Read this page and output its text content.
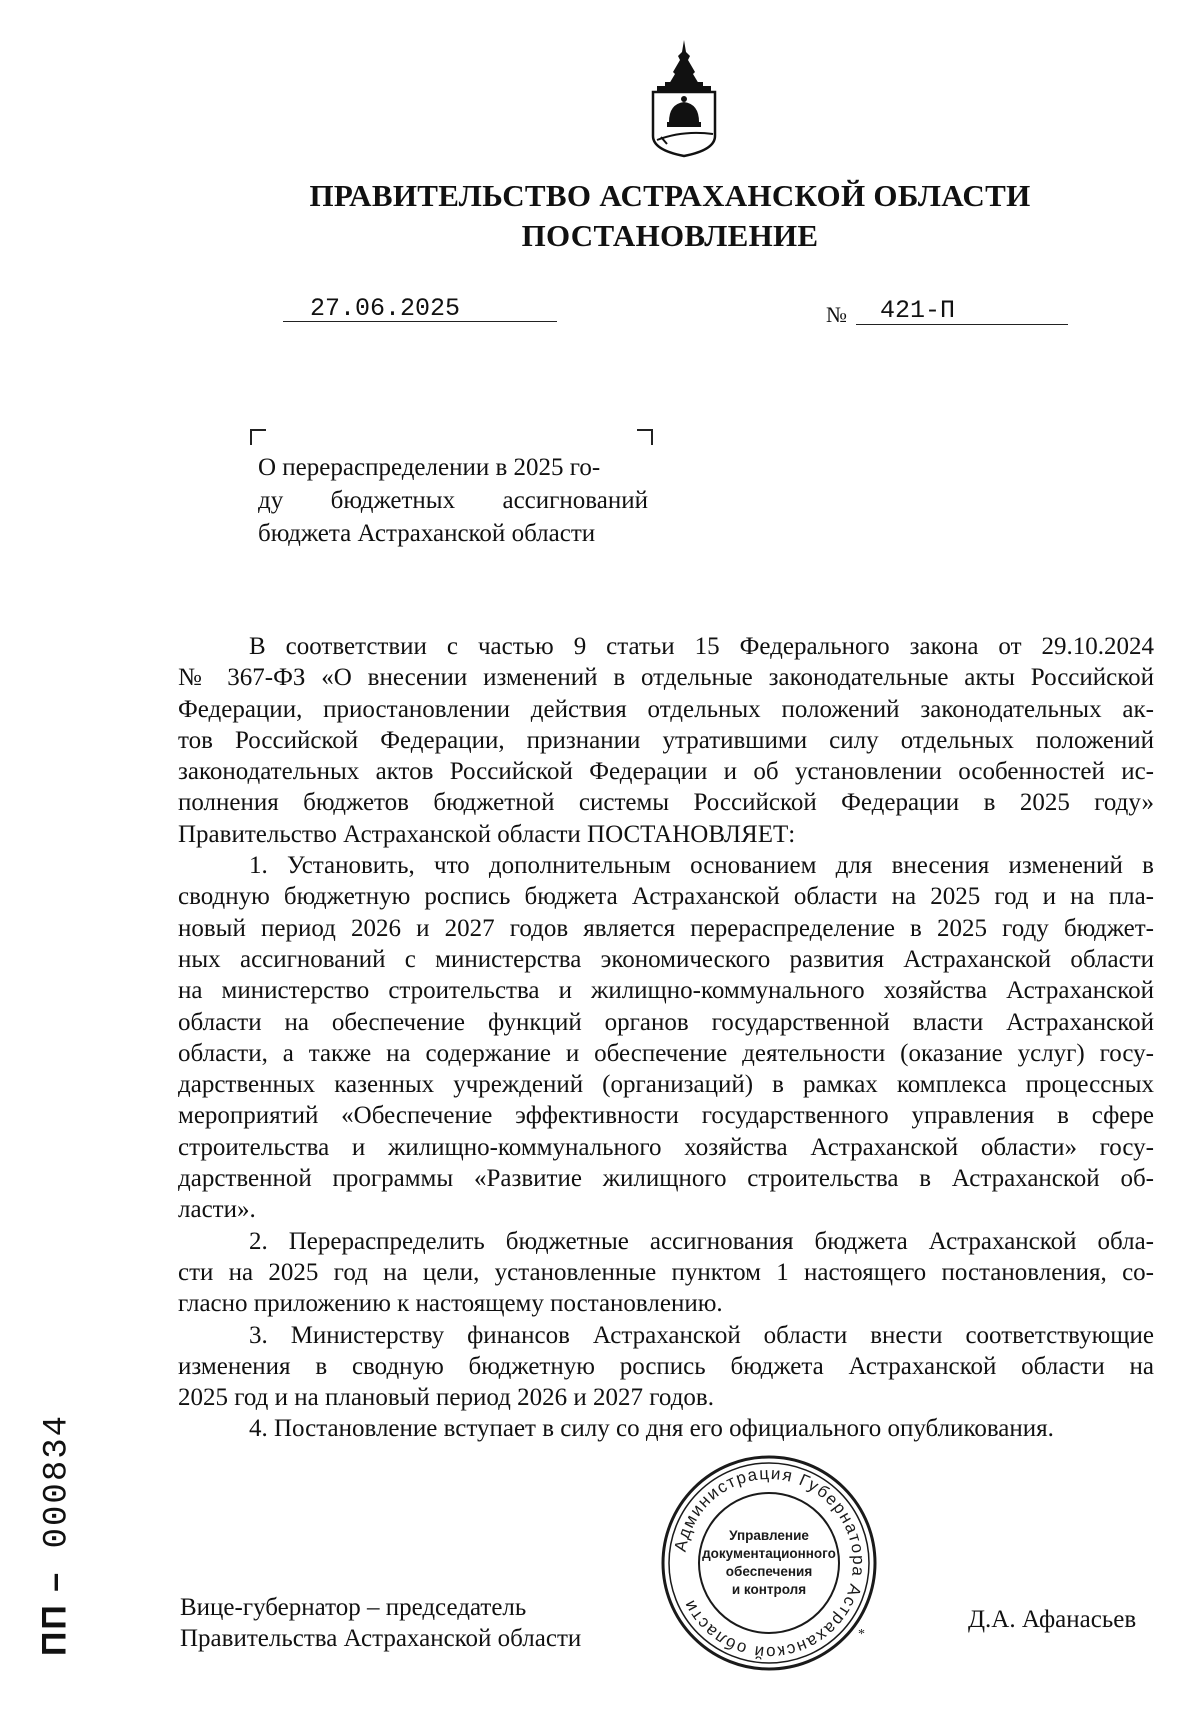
ПРАВИТЕЛЬСТВО АСТРАХАНСКОЙ ОБЛАСТИ
ПОСТАНОВЛЕНИЕ
27.06.2025	№ 421-П
О перераспределении в 2025 го-
ду бюджетных ассигнований
бюджета Астраханской области
В соответствии с частью 9 статьи 15 Федерального закона от 29.10.2024
№ 367-ФЗ «О внесении изменений в отдельные законодательные акты Российской
Федерации, приостановлении действия отдельных положений законодательных ак-
тов Российской Федерации, признании утратившими силу отдельных положений
законодательных актов Российской Федерации и об установлении особенностей ис-
полнения бюджетов бюджетной системы Российской Федерации в 2025 году»
Правительство Астраханской области ПОСТАНОВЛЯЕТ:
1. Установить, что дополнительным основанием для внесения изменений в
сводную бюджетную роспись бюджета Астраханской области на 2025 год и на пла-
новый период 2026 и 2027 годов является перераспределение в 2025 году бюджет-
ных ассигнований с министерства экономического развития Астраханской области
на министерство строительства и жилищно-коммунального хозяйства Астраханской
области на обеспечение функций органов государственной власти Астраханской
области, а также на содержание и обеспечение деятельности (оказание услуг) госу-
дарственных казенных учреждений (организаций) в рамках комплекса процессных
мероприятий «Обеспечение эффективности государственного управления в сфере
строительства и жилищно-коммунального хозяйства Астраханской области» госу-
дарственной программы «Развитие жилищного строительства в Астраханской об-
ласти».
2. Перераспределить бюджетные ассигнования бюджета Астраханской обла-
сти на 2025 год на цели, установленные пунктом 1 настоящего постановления, со-
гласно приложению к настоящему постановлению.
3. Министерству финансов Астраханской области внести соответствующие
изменения в сводную бюджетную роспись бюджета Астраханской области на
2025 год и на плановый период 2026 и 2027 годов.
4. Постановление вступает в силу со дня его официального опубликования.
Вице-губернатор – председатель
Правительства Астраханской области
Д.А. Афанасьев
Администрация Губернатора Астраханской области
*
Управление
документационного
обеспечения
и контроля
ПП – 000834
